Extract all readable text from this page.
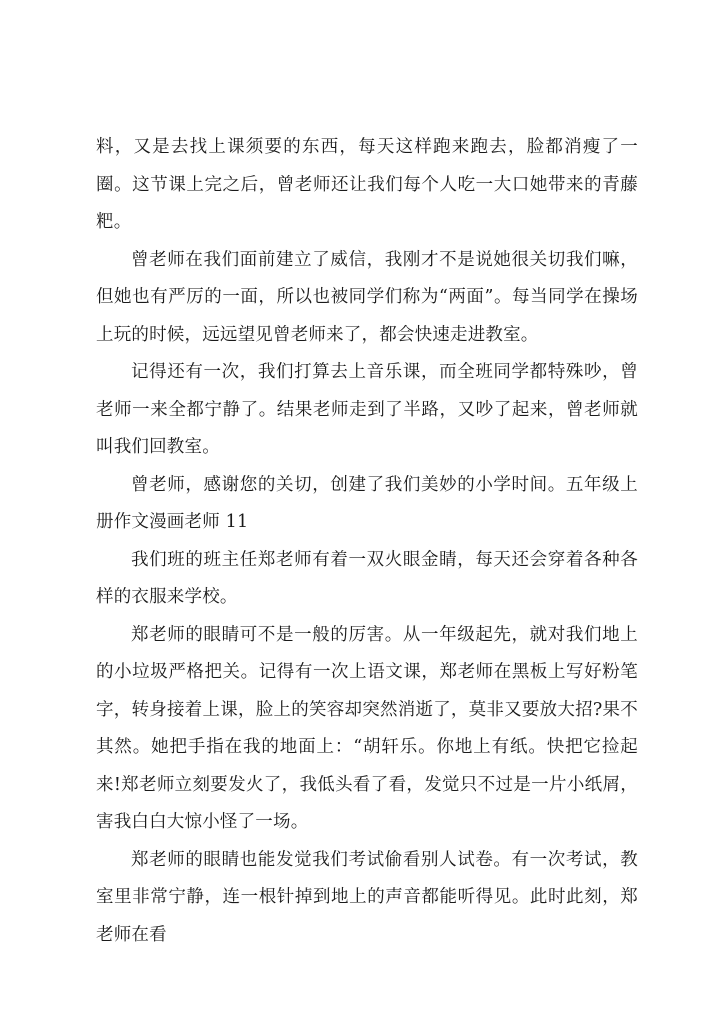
料，又是去找上课须要的东西，每天这样跑来跑去，脸都消瘦了一圈。这节课上完之后，曾老师还让我们每个人吃一大口她带来的青藤粑。

曾老师在我们面前建立了威信，我刚才不是说她很关切我们嘛，但她也有严厉的一面，所以也被同学们称为“两面”。每当同学在操场上玩的时候，远远望见曾老师来了，都会快速走进教室。

记得还有一次，我们打算去上音乐课，而全班同学都特殊吵，曾老师一来全都宁静了。结果老师走到了半路，又吵了起来，曾老师就叫我们回教室。

曾老师，感谢您的关切，创建了我们美妙的小学时间。五年级上册作文漫画老师 11

我们班的班主任郑老师有着一双火眼金睛，每天还会穿着各种各样的衣服来学校。

郑老师的眼睛可不是一般的厉害。从一年级起先，就对我们地上的小垃圾严格把关。记得有一次上语文课，郑老师在黑板上写好粉笔字，转身接着上课，脸上的笑容却突然消逝了，莫非又要放大招?果不其然。她把手指在我的地面上：“胡轩乐。你地上有纸。快把它捡起来!郑老师立刻要发火了，我低头看了看，发觉只不过是一片小纸屑，害我白白大惊小怪了一场。

郑老师的眼睛也能发觉我们考试偷看别人试卷。有一次考试，教室里非常宁静，连一根针掉到地上的声音都能听得见。此时此刻，郑老师在看
